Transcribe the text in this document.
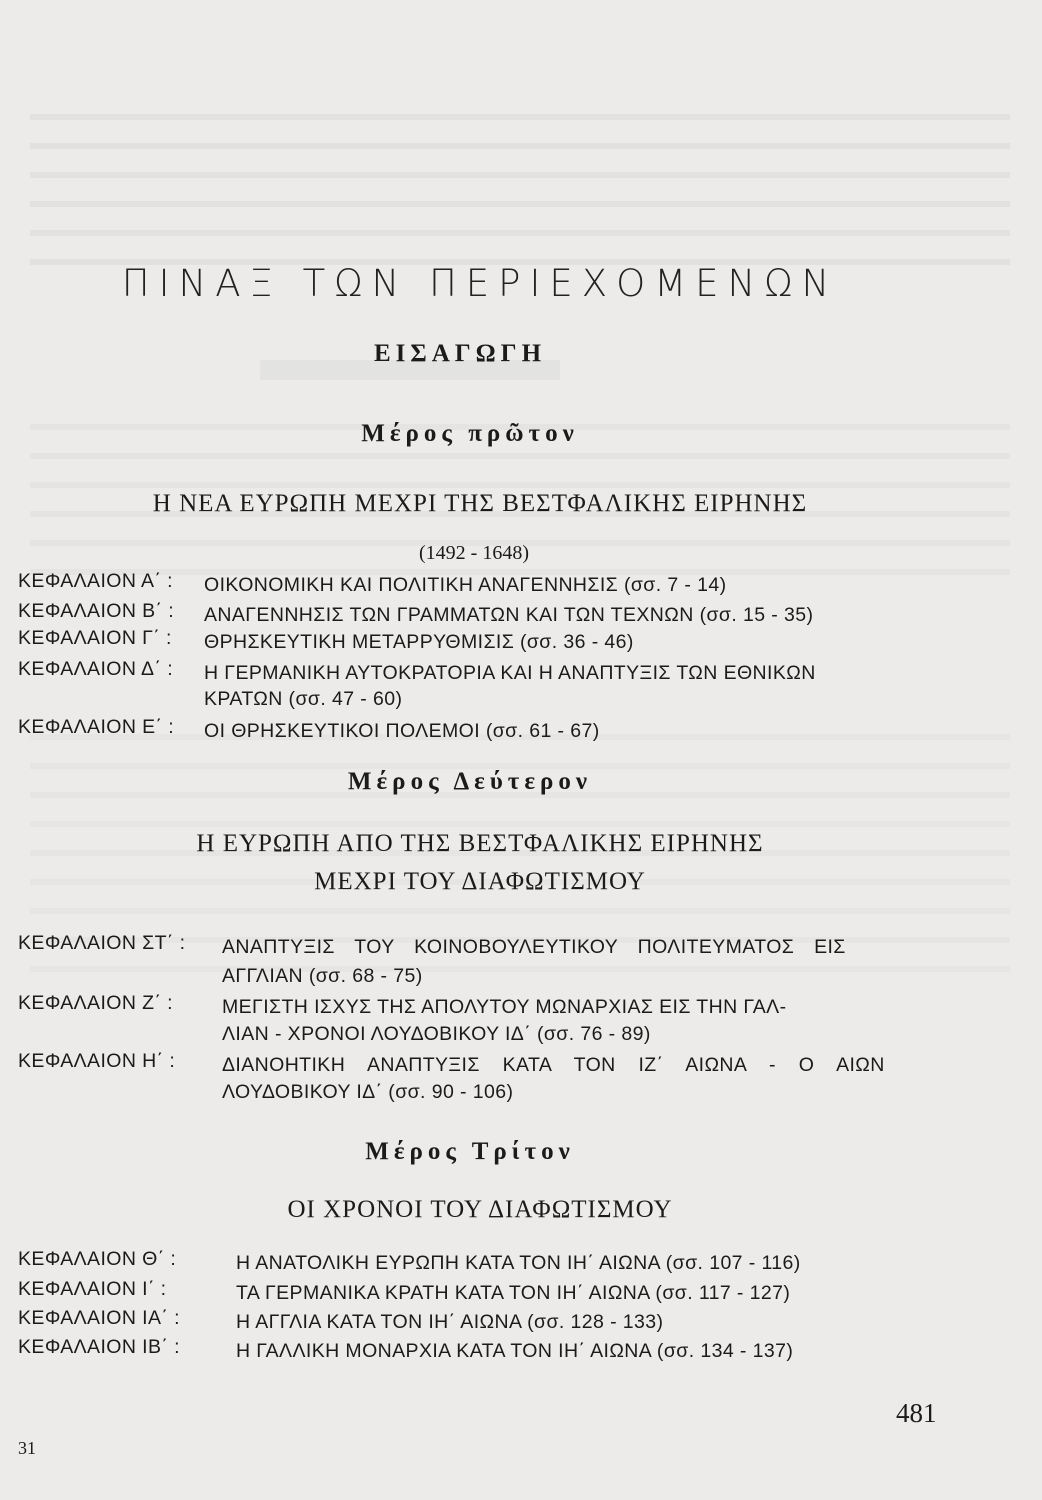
ΠΙΝΑΞ ΤΩΝ ΠΕΡΙΕΧΟΜΕΝΩΝ
ΕΙΣΑΓΩΓΗ
Μέρος πρῶτον
Η ΝΕΑ ΕΥΡΩΠΗ ΜΕΧΡΙ ΤΗΣ ΒΕΣΤΦΑΛΙΚΗΣ ΕΙΡΗΝΗΣ
(1492 - 1648)
ΚΕΦΑΛΑΙΟΝ Α΄ : ΟΙΚΟΝΟΜΙΚΗ ΚΑΙ ΠΟΛΙΤΙΚΗ ΑΝΑΓΕΝΝΗΣΙΣ (σσ. 7 - 14)
ΚΕΦΑΛΑΙΟΝ Β΄ : ΑΝΑΓΕΝΝΗΣΙΣ ΤΩΝ ΓΡΑΜΜΑΤΩΝ ΚΑΙ ΤΩΝ ΤΕΧΝΩΝ (σσ. 15 - 35)
ΚΕΦΑΛΑΙΟΝ Γ΄ : ΘΡΗΣΚΕΥΤΙΚΗ ΜΕΤΑΡΡΥΘΜΙΣΙΣ (σσ. 36 - 46)
ΚΕΦΑΛΑΙΟΝ Δ΄ : Η ΓΕΡΜΑΝΙΚΗ ΑΥΤΟΚΡΑΤΟΡΙΑ ΚΑΙ Η ΑΝΑΠΤΥΞΙΣ ΤΩΝ ΕΘΝΙΚΩΝ
ΚΡΑΤΩΝ (σσ. 47 - 60)
ΚΕΦΑΛΑΙΟΝ Ε΄ : ΟΙ ΘΡΗΣΚΕΥΤΙΚΟΙ ΠΟΛΕΜΟΙ (σσ. 61 - 67)
Μέρος Δεύτερον
Η ΕΥΡΩΠΗ ΑΠΟ ΤΗΣ ΒΕΣΤΦΑΛΙΚΗΣ ΕΙΡΗΝΗΣ
ΜΕΧΡΙ ΤΟΥ ΔΙΑΦΩΤΙΣΜΟΥ
ΚΕΦΑΛΑΙΟΝ ΣΤ΄ : ΑΝΑΠΤΥΞΙΣ ΤΟΥ ΚΟΙΝΟΒΟΥΛΕΥΤΙΚΟΥ ΠΟΛΙΤΕΥΜΑΤΟΣ ΕΙΣ
ΑΓΓΛΙΑΝ (σσ. 68 - 75)
ΚΕΦΑΛΑΙΟΝ Ζ΄ :	ΜΕΓΙΣΤΗ ΙΣΧΥΣ ΤΗΣ ΑΠΟΛΥΤΟΥ ΜΩΝΑΡΧΙΑΣ ΕΙΣ ΤΗΝ ΓΑΛ-
ΛΙΑΝ - ΧΡΟΝΟΙ ΛΟΥΔΟΒΙΚΟΥ ΙΔ΄ (σσ. 76 - 89)
ΚΕΦΑΛΑΙΟΝ Η΄ : ΔΙΑΝΟΗΤΙΚΗ ΑΝΑΠΤΥΞΙΣ ΚΑΤΑ ΤΟΝ ΙΖ΄ ΑΙΩΝΑ - Ο ΑΙΩΝ
ΛΟΥΔΟΒΙΚΟΥ ΙΔ΄ (σσ. 90 - 106)
Μέρος Τρίτον
ΟΙ ΧΡΟΝΟΙ ΤΟΥ ΔΙΑΦΩΤΙΣΜΟΥ
ΚΕΦΑΛΑΙΟΝ Θ΄ :	Η ΑΝΑΤΟΛΙΚΗ ΕΥΡΩΠΗ ΚΑΤΑ ΤΟΝ ΙΗ΄ ΑΙΩΝΑ (σσ. 107 - 116)
ΚΕΦΑΛΑΙΟΝ Ι΄ :	ΤΑ ΓΕΡΜΑΝΙΚΑ ΚΡΑΤΗ ΚΑΤΑ ΤΟΝ ΙΗ΄ ΑΙΩΝΑ (σσ. 117 - 127)
ΚΕΦΑΛΑΙΟΝ ΙΑ΄ :	Η ΑΓΓΛΙΑ ΚΑΤΑ ΤΟΝ ΙΗ΄ ΑΙΩΝΑ (σσ. 128 - 133)
ΚΕΦΑΛΑΙΟΝ ΙΒ΄ :	Η ΓΑΛΛΙΚΗ ΜΟΝΑΡΧΙΑ ΚΑΤΑ ΤΟΝ ΙΗ΄ ΑΙΩΝΑ (σσ. 134 - 137)
481
31
